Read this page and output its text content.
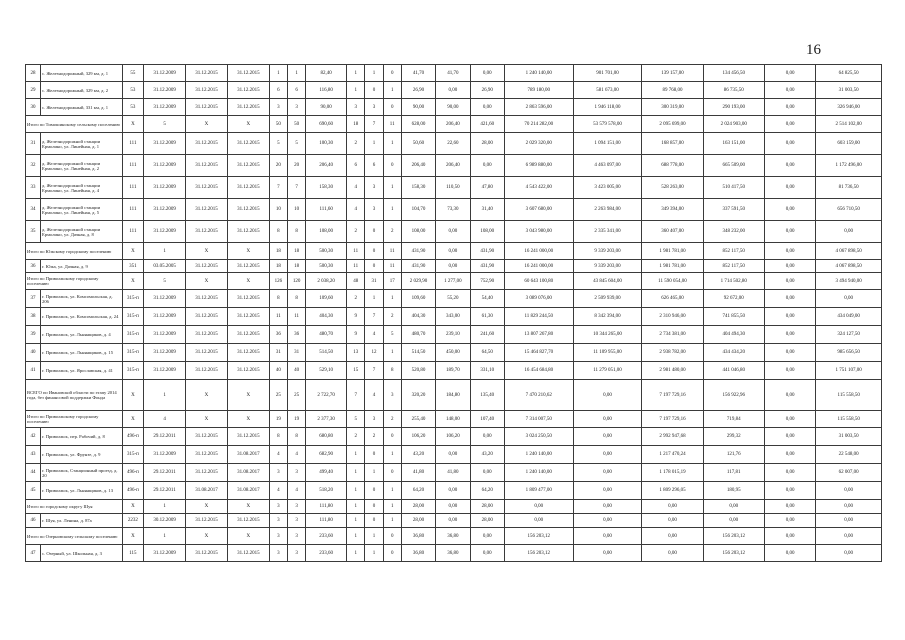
16
28	с. Железнодорожный, 329 км, д. 1	55	31.12.2009	31.12.2015	31.12.2015	1	1	82,40	1	1	0	41,70	41,70	0,00	1 240 140,00	901 701,00	139 157,00	134 456,50	0,00	64 825,50
29	с. Железнодорожный, 329 км, д. 2	53	31.12.2009	31.12.2015	31.12.2015	6	6	116,80	1	0	1	26,90	0,00	26,90	789 180,00	581 673,00	89 768,00	86 735,50	0,00	31 003,50
30	с. Железнодорожный, 331 км, д. 1	53	31.12.2009	31.12.2015	31.12.2015	3	3	90,00	3	3	0	90,00	90,00	0,00	2 863 596,00	1 946 118,00	300 319,00	290 193,00	0,00	326 946,00
Итого по Тимошинскому сельскому поселению		X	5	X	X	50	50	690,60	18	7	11	628,00	206,40	421,60	70 214 282,00	53 579 578,00	2 095 699,00	2 024 903,00	0,00	2 514 102,00
31	д. Железнодорожной станции Ермолино, ул. Линейная, д. 1	111	31.12.2009	31.12.2015	31.12.2015	5	5	100,30	2	1	1	50,60	22,60	28,00	2 029 320,00	1 094 151,00	168 857,00	163 151,00	0,00	603 159,00
32	д. Железнодорожной станции Ермолино, ул. Линейная, д. 2	111	31.12.2009	31.12.2015	31.12.2015	20	20	206,40	6	6	0	206,40	206,40	0,00	6 989 880,00	4 463 097,00	688 778,00	665 509,00	0,00	1 172 496,00
33	д. Железнодорожной станции Ермолино, ул. Линейная, д. 4	111	31.12.2009	31.12.2015	31.12.2015	7	7	158,30	4	3	1	158,30	110,50	47,80	4 543 422,00	3 423 005,00	528 263,00	510 417,50	0,00	81 736,50
34	д. Железнодорожной станции Ермолино, ул. Линейная, д. 5	111	31.12.2009	31.12.2015	31.12.2015	10	10	111,60	4	3	1	104,70	73,30	31,40	3 607 680,00	2 263 984,00	349 394,00	337 591,50	0,00	656 710,50
35	д. Железнодорожной станции Ермолино, ул. Дачная, д. 8	111	31.12.2009	31.12.2015	31.12.2015	8	8	108,00	2	0	2	108,00	0,00	108,00	3 043 980,00	2 335 341,00	360 407,00	348 232,00	0,00	0,00
Итого по Южскому городскому поселению		X	1	X	X	18	18	500,30	11	0	11	431,90	0,00	431,90	16 241 000,00	9 339 203,00	1 981 781,00	852 117,50	0,00	4 067 898,50
36	г. Южа, ул. Дачная, д. 9	351	03.05.2005	31.12.2015	31.12.2015	18	18	500,30	11	0	11	431,90	0,00	431,90	16 241 000,00	9 339 203,00	1 981 781,00	852 117,50	0,00	4 067 898,50
Итого по Приволжскому городскому поселению		X	5	X	X	126	120	2 038,20	48	31	17	2 029,90	1 277,00	752,90	60 643 100,80	43 845 604,00	11 590 054,00	1 714 502,80	0,00	3 494 940,00
37	г. Приволжск, ул. Комсомольская, д. 206	315-п	31.12.2009	31.12.2015	31.12.2015	8	8	109,60	2	1	1	109,60	55,20	54,40	3 089 076,00	2 509 939,00	626 465,00	92 672,00	0,00	0,00
38	г. Приволжск, ул. Комсомольская, д. 24	315-п	31.12.2009	31.12.2015	31.12.2015	11	11	404,30	9	7	2	404,30	343,00	61,30	11 829 244,50	8 342 394,00	2 310 946,00	741 855,50	0,00	434 049,00
39	г. Приволжск, ул. Льнянщиков, д. 4	315-п	31.12.2009	31.12.2015	31.12.2015	36	36	480,70	9	4	5	480,70	239,10	241,60	13 807 267,80	10 344 265,00	2 734 381,00	404 494,30	0,00	324 127,50
40	г. Приволжск, ул. Льнянщиков, д. 15	315-п	31.12.2009	31.12.2015	31.12.2015	31	31	514,50	13	12	1	514,50	450,00	64,50	15 464 827,70	11 109 955,00	2 938 782,00	434 434,20	0,00	985 656,50
41	г. Приволжск, ул. Ярославская, д. 41	315-п	31.12.2009	31.12.2015	31.12.2015	40	40	529,10	15	7	8	520,80	189,70	331,10	16 454 684,80	11 279 051,00	2 981 480,00	441 046,80	0,00	1 751 107,00
ВСЕГО по Ивановской области по этапу 2014 года, без финансовой поддержки Фонда		X	1	X	X	25	25	2 722,70	7	4	3	320,20	184,80	135,40	7 470 210,62	0,00	7 197 729,16	156 922,96	0,00	115 558,50
Итого по Приволжскому городскому поселению		X	4	X	X	19	19	2 377,30	5	3	2	255,40	148,00	107,40	7 314 007,50	0,00	7 197 729,16	719,84	0,00	115 558,50
42	г. Приволжск, пер. Рабочий, д. 8	496-п	29.12.2011	31.12.2015	31.12.2015	8	8	680,80	2	2	0	106,20	106,20	0,00	3 024 250,50	0,00	2 992 947,68	299,32	0,00	31 003,50
43	г. Приволжск, ул. Фрунзе, д. 9	315-п	31.12.2009	31.12.2015	31.08.2017	4	4	682,90	1	0	1	43,20	0,00	43,20	1 240 140,00	0,00	1 217 470,24	121,76	0,00	22 548,00
44	г. Приволжск, Станционный проезд, д. 20	496-п	29.12.2011	31.12.2015	31.08.2017	3	3	499,40	1	1	0	41,80	41,80	0,00	1 240 140,00	0,00	1 178 015,19	117,81	0,00	62 007,00
45	г. Приволжск, ул. Льнянщиков, д. 13	496-п	29.12.2011	31.08.2017	31.08.2017	4	4	518,20	1	0	1	64,20	0,00	64,20	1 809 477,00	0,00	1 809 296,05	180,95	0,00	0,00
Итого по городскому округу Шуя		X	1	X	X	3	3	111,80	1	0	1	28,00	0,00	28,00	0,00	0,00	0,00	0,00	0,00	0,00
46	г. Шуя, ул. Ленина, д. 87а	2232	30.12.2009	31.12.2015	31.12.2015	3	3	111,80	1	0	1	28,00	0,00	28,00	0,00	0,00	0,00	0,00	0,00	0,00
Итого по Озерновскому сельскому поселению		X	1	X	X	3	3	233,60	1	1	0	36,80	36,80	0,00	156 203,12	0,00	0,00	156 203,12	0,00	0,00
47	с. Озерный, ул. Школьная, д. 3	115	31.12.2009	31.12.2015	31.12.2015	3	3	233,60	1	1	0	36,80	36,80	0,00	156 203,12	0,00	0,00	156 203,12	0,00	0,00
